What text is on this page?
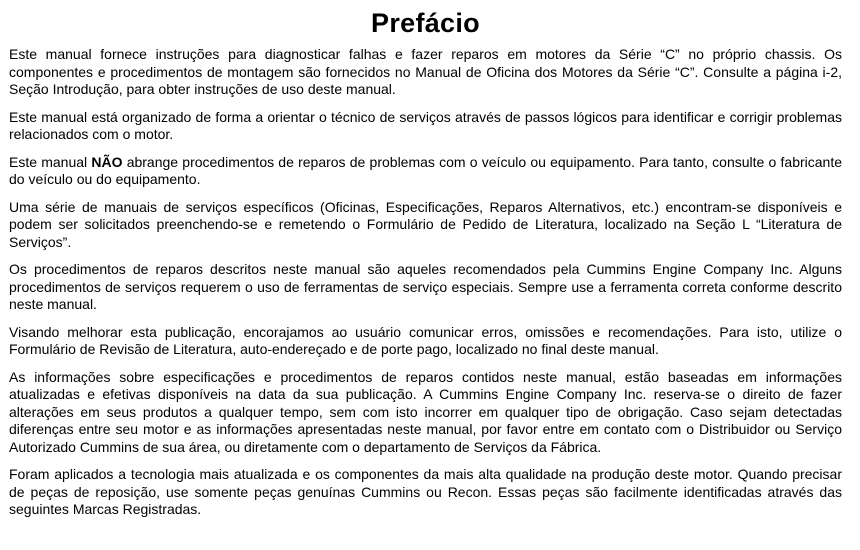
Prefácio

Este manual fornece instruções para diagnosticar falhas e fazer reparos em motores da Série “C” no próprio chassis. Os componentes e procedimentos de montagem são fornecidos no Manual de Oficina dos Motores da Série “C”. Consulte a página i-2, Seção Introdução, para obter instruções de uso deste manual.

Este manual está organizado de forma a orientar o técnico de serviços através de passos lógicos para identificar e corrigir problemas relacionados com o motor.

Este manual NÃO abrange procedimentos de reparos de problemas com o veículo ou equipamento. Para tanto, consulte o fabricante do veículo ou do equipamento.

Uma série de manuais de serviços específicos (Oficinas, Especificações, Reparos Alternativos, etc.) encontram-se disponíveis e podem ser solicitados preenchendo-se e remetendo o Formulário de Pedido de Literatura, localizado na Seção L “Literatura de Serviços”.

Os procedimentos de reparos descritos neste manual são aqueles recomendados pela Cummins Engine Company Inc. Alguns procedimentos de serviços requerem o uso de ferramentas de serviço especiais. Sempre use a ferramenta correta conforme descrito neste manual.

Visando melhorar esta publicação, encorajamos ao usuário comunicar erros, omissões e recomendações. Para isto, utilize o Formulário de Revisão de Literatura, auto-endereçado e de porte pago, localizado no final deste manual.

As informações sobre especificações e procedimentos de reparos contidos neste manual, estão baseadas em informações atualizadas e efetivas disponíveis na data da sua publicação. A Cummins Engine Company Inc. reserva-se o direito de fazer alterações em seus produtos a qualquer tempo, sem com isto incorrer em qualquer tipo de obrigação. Caso sejam detectadas diferenças entre seu motor e as informações apresentadas neste manual, por favor entre em contato com o Distribuidor ou Serviço Autorizado Cummins de sua área, ou diretamente com o departamento de Serviços da Fábrica.

Foram aplicados a tecnologia mais atualizada e os componentes da mais alta qualidade na produção deste motor. Quando precisar de peças de reposição, use somente peças genuínas Cummins ou Recon. Essas peças são facilmente identificadas através das seguintes Marcas Registradas.
